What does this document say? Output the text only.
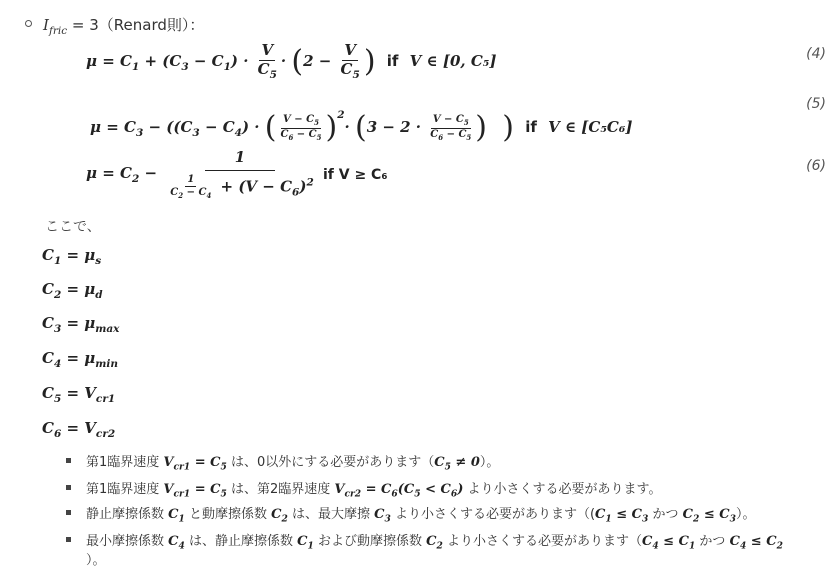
$I_{fric}$ = 3（Renard則）：
$\mu = C_1 + (C_3 - C_1) \cdot \frac{V}{C_5} \cdot (2 - \frac{V}{C_5}$ ) if V ∈ [0, C₅]	(4)
$\mu = C_3 - ((C_3 - C_4)$ · ( $\frac{V - C_5}{C_6 - C_5} )^2\cdot (3 - 2 \cdot \frac{V - C_5}{C_6 - C_5}$ ) ) if V ∈ [C₅C₆]
(5)
$\mu = C_2 - \frac{1}{\frac{1}{C_2 - C_4} + (V - C_6)^2}$ if V ≥ C₆
(6)
ここで、
$C_1 = \mu_s$
$C_2 = \mu_d$
$C_3 = \mu_{max}$
$C_4 = \mu_{min}$
$C_5 = V_{cr1}$
$C_6 = V_{cr2}$
第1臨界速度 $V_{cr1} = C_5$ は、0以外にする必要があります$(C_5 \ne 0)$。
第1臨界速度 $V_{cr1} = C_5$ は、第2臨界速度 $V_{cr2} = C_6(C_5 < C_6)$ より小さくする必要があります。
静止摩擦係数 $C_1$ と動摩擦係数 $C_2$ は、最大摩擦 $C_3$ より小さくする必要があります（($C_1 \le C_3$ かつ $C_2 \le C_3$）。
最小摩擦係数 $C_4$ は、静止摩擦係数 $C_1$ および動摩擦係数 $C_2$ より小さくする必要があります（$C_4 \le C_1$ かつ $C_4 \le C_2$
）。
